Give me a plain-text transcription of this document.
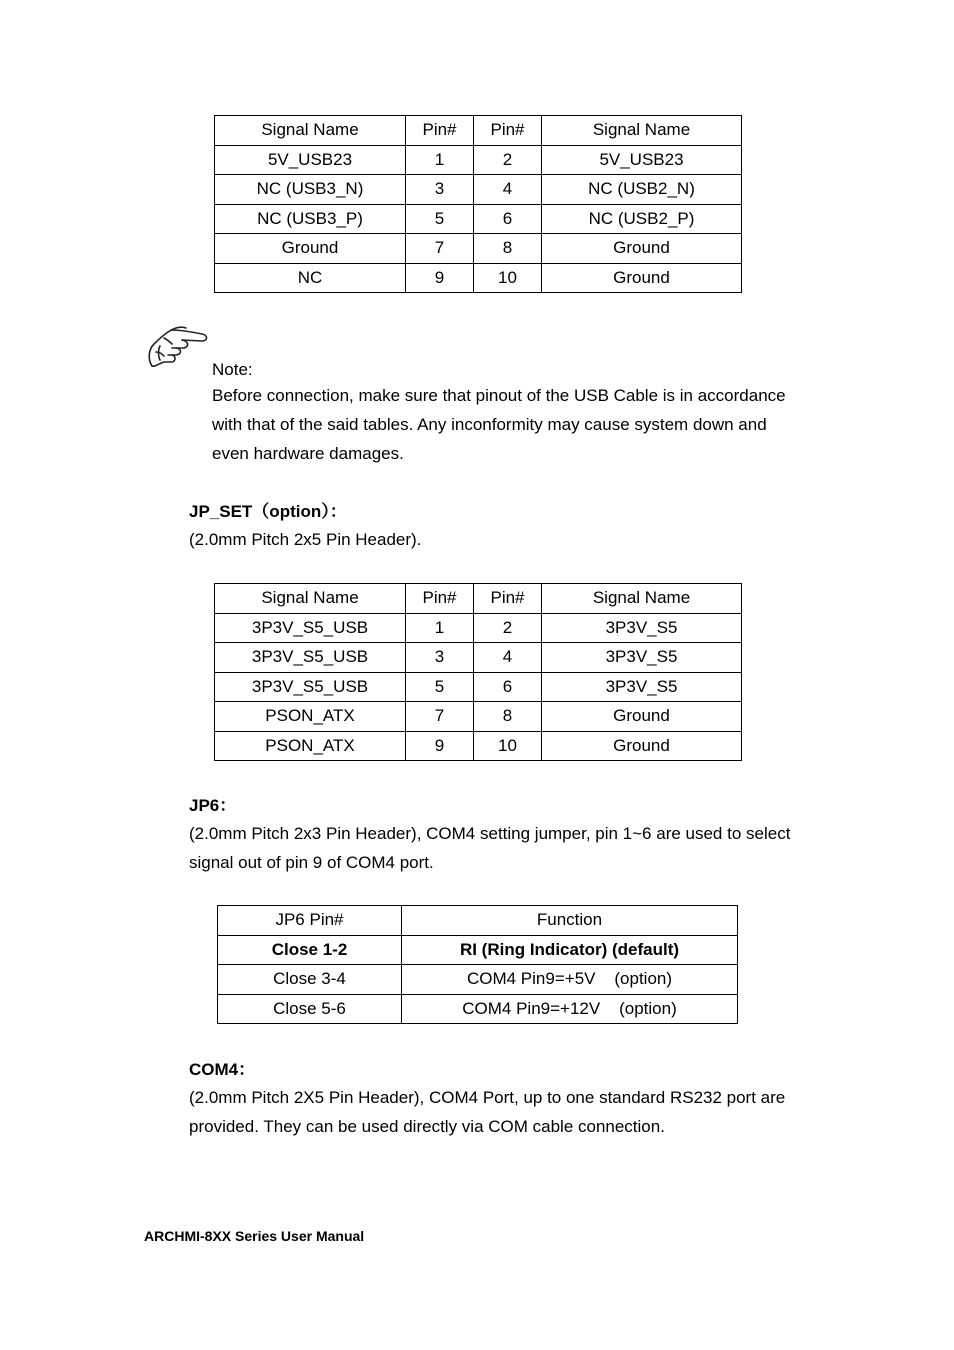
Signal Name	Pin#	Pin#	Signal Name
5V_USB23	1	2	5V_USB23
NC (USB3_N)	3	4	NC (USB2_N)
NC (USB3_P)	5	6	NC (USB2_P)
Ground	7	8	Ground
NC	9	10	Ground
Note:
Before connection, make sure that pinout of the USB Cable is in accordance
with that of the said tables. Any inconformity may cause system down and
even hardware damages.
JP_SET（option）：
(2.0mm Pitch 2x5 Pin Header).
Signal Name	Pin#	Pin#	Signal Name
3P3V_S5_USB	1	2	3P3V_S5
3P3V_S5_USB	3	4	3P3V_S5
3P3V_S5_USB	5	6	3P3V_S5
PSON_ATX	7	8	Ground
PSON_ATX	9	10	Ground
JP6：
(2.0mm Pitch 2x3 Pin Header), COM4 setting jumper, pin 1~6 are used to select
signal out of pin 9 of COM4 port.
JP6 Pin#	Function
Close 1-2	RI (Ring Indicator) (default)
Close 3-4	COM4 Pin9=+5V    (option)
Close 5-6	COM4 Pin9=+12V    (option)
COM4：
(2.0mm Pitch 2X5 Pin Header), COM4 Port, up to one standard RS232 port are
provided. They can be used directly via COM cable connection.
ARCHMI-8XX Series User Manual
